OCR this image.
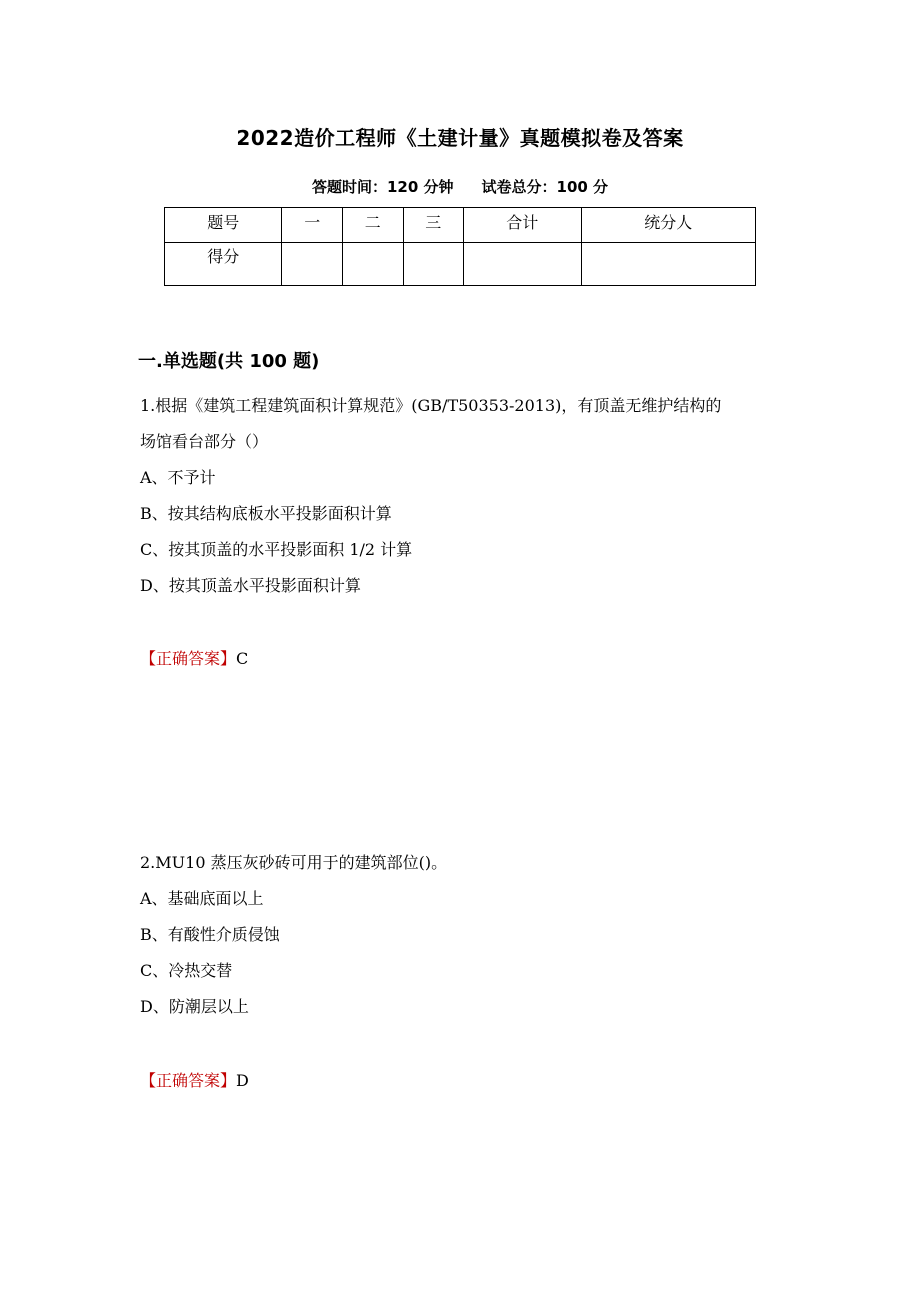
2022造价工程师《土建计量》真题模拟卷及答案
答题时间：120 分钟 试卷总分：100 分
题号	一	二	三	合计	统分人
得分					
一.单选题(共 100 题)
1.根据《建筑工程建筑面积计算规范》(GB/T50353-2013)，有顶盖无维护结构的
场馆看台部分（）
A、不予计
B、按其结构底板水平投影面积计算
C、按其顶盖的水平投影面积 1/2 计算
D、按其顶盖水平投影面积计算
【正确答案】C
2.MU10 蒸压灰砂砖可用于的建筑部位()。
A、基础底面以上
B、有酸性介质侵蚀
C、冷热交替
D、防潮层以上
【正确答案】D
